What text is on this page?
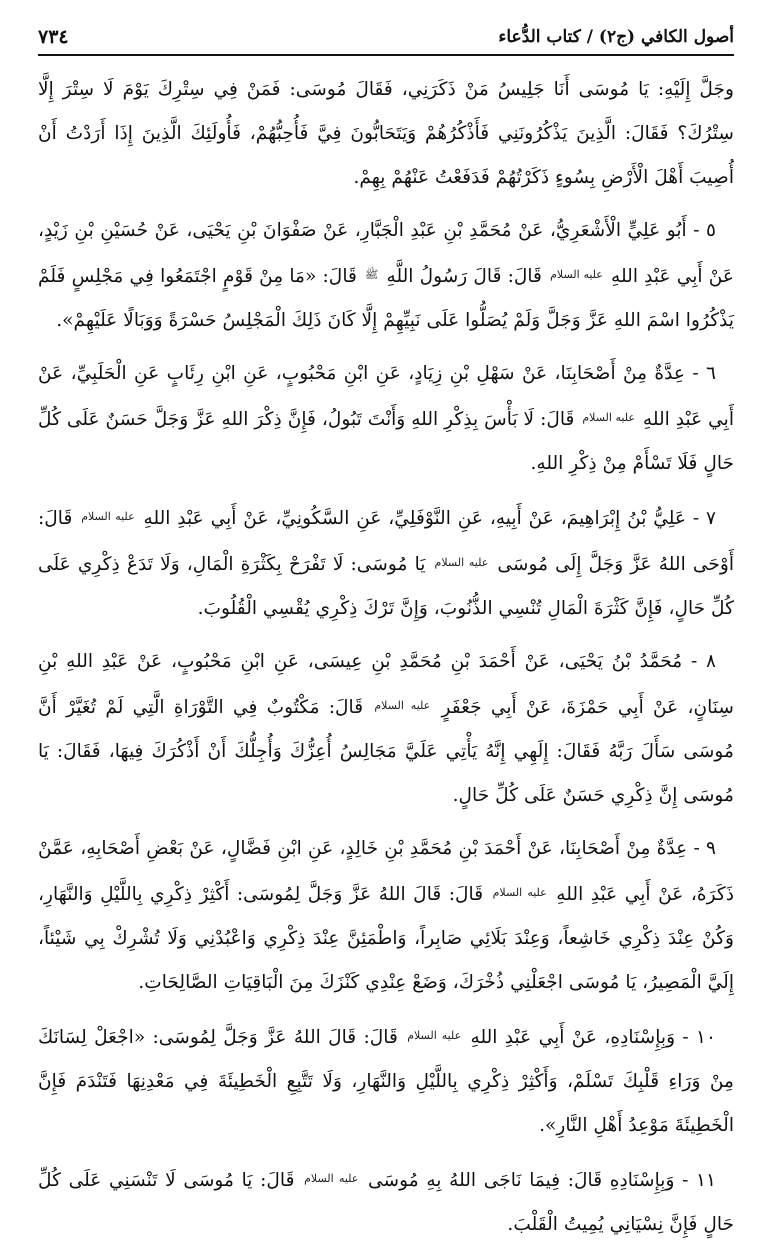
أصول الكافي (ج٢) / كتاب الدُّعاء
٧٣٤

وجَلَّ إِلَيْهِ: يَا مُوسَى أَنَا جَلِيسُ مَنْ ذَكَرَنِي، فَقَالَ مُوسَى: فَمَنْ فِي سِتْرِكَ يَوْمَ لَا سِتْرَ إِلَّا سِتْرُكَ؟ فَقَالَ: الَّذِينَ يَذْكُرُونَنِي فَأَذْكُرُهُمْ وَيَتَحَابُّونَ فِيَّ فَأُحِبُّهُمْ، فَأُولَئِكَ الَّذِينَ إِذَا أَرَدْتُ أَنْ أُصِيبَ أَهْلَ الْأَرْضِ بِسُوءٍ ذَكَرْتُهُمْ فَدَفَعْتُ عَنْهُمْ بِهِمْ.

٥ - أَبُو عَلِيٍّ الْأَشْعَرِيُّ، عَنْ مُحَمَّدِ بْنِ عَبْدِ الْجَبَّارِ، عَنْ صَفْوَانَ بْنِ يَحْيَى، عَنْ حُسَيْنِ بْنِ زَيْدٍ، عَنْ أَبِي عَبْدِ اللهِ $^{عليه السلام}$ قَالَ: قَالَ رَسُولُ اللَّهِ $^ﷺ$ قَالَ: «مَا مِنْ قَوْمٍ اجْتَمَعُوا فِي مَجْلِسٍ فَلَمْ يَذْكُرُوا اسْمَ اللهِ عَزَّ وَجَلَّ وَلَمْ يُصَلُّوا عَلَى نَبِيِّهِمْ إِلَّا كَانَ ذَلِكَ الْمَجْلِسُ حَسْرَةً وَوَبَالًا عَلَيْهِمْ».

٦ - عِدَّةٌ مِنْ أَصْحَابِنَا، عَنْ سَهْلِ بْنِ زِيَادٍ، عَنِ ابْنِ مَحْبُوبٍ، عَنِ ابْنِ رِئَابٍ عَنِ الْحَلَبِيِّ، عَنْ أَبِي عَبْدِ اللهِ $^{عليه السلام}$ قَالَ: لَا بَأْسَ بِذِكْرِ اللهِ وَأَنْتَ تَبُولُ، فَإِنَّ ذِكْرَ اللهِ عَزَّ وَجَلَّ حَسَنٌ عَلَى كُلِّ حَالٍ فَلَا تَسْأَمْ مِنْ ذِكْرِ اللهِ.

٧ - عَلِيُّ بْنُ إِبْرَاهِيمَ، عَنْ أَبِيهِ، عَنِ النَّوْفَلِيِّ، عَنِ السَّكُونِيِّ، عَنْ أَبِي عَبْدِ اللهِ $^{عليه السلام}$ قَالَ: أَوْحَى اللهُ عَزَّ وَجَلَّ إِلَى مُوسَى $^{عليه السلام}$ يَا مُوسَى: لَا تَفْرَحْ بِكَثْرَةِ الْمَالِ، وَلَا تَدَعْ ذِكْرِي عَلَى كُلِّ حَالٍ، فَإِنَّ كَثْرَةَ الْمَالِ تُنْسِي الذُّنُوبَ، وَإِنَّ تَرْكَ ذِكْرِي يُقْسِي الْقُلُوبَ.

٨ - مُحَمَّدُ بْنُ يَحْيَى، عَنْ أَحْمَدَ بْنِ مُحَمَّدِ بْنِ عِيسَى، عَنِ ابْنِ مَحْبُوبٍ، عَنْ عَبْدِ اللهِ بْنِ سِنَانٍ، عَنْ أَبِي حَمْزَةَ، عَنْ أَبِي جَعْفَرٍ $^{عليه السلام}$ قَالَ: مَكْتُوبٌ فِي التَّوْرَاةِ الَّتِي لَمْ تُغَيَّرْ أَنَّ مُوسَى سَأَلَ رَبَّهُ فَقَالَ: إِلَهِي إِنَّهُ يَأْتِي عَلَيَّ مَجَالِسُ أُعِزُّكَ وَأُجِلُّكَ أَنْ أَذْكُرَكَ فِيهَا، فَقَالَ: يَا مُوسَى إِنَّ ذِكْرِي حَسَنٌ عَلَى كُلِّ حَالٍ.

٩ - عِدَّةٌ مِنْ أَصْحَابِنَا، عَنْ أَحْمَدَ بْنِ مُحَمَّدِ بْنِ خَالِدٍ، عَنِ ابْنِ فَضَّالٍ، عَنْ بَعْضِ أَصْحَابِهِ، عَمَّنْ ذَكَرَهُ، عَنْ أَبِي عَبْدِ اللهِ $^{عليه السلام}$ قَالَ: قَالَ اللهُ عَزَّ وَجَلَّ لِمُوسَى: أَكْثِرْ ذِكْرِي بِاللَّيْلِ وَالنَّهَارِ، وَكُنْ عِنْدَ ذِكْرِي خَاشِعاً، وَعِنْدَ بَلَائِي صَابِراً، وَاطْمَئِنَّ عِنْدَ ذِكْرِي وَاعْبُدْنِي وَلَا تُشْرِكْ بِي شَيْئاً، إِلَيَّ الْمَصِيرُ، يَا مُوسَى اجْعَلْنِي ذُخْرَكَ، وَضَعْ عِنْدِي كَنْزَكَ مِنَ الْبَاقِيَاتِ الصَّالِحَاتِ.

١٠ - وَبِإِسْنَادِهِ، عَنْ أَبِي عَبْدِ اللهِ $^{عليه السلام}$ قَالَ: قَالَ اللهُ عَزَّ وَجَلَّ لِمُوسَى: «اجْعَلْ لِسَانَكَ مِنْ وَرَاءِ قَلْبِكَ تَسْلَمْ، وَأَكْثِرْ ذِكْرِي بِاللَّيْلِ وَالنَّهَارِ، وَلَا تَتَّبِعِ الْخَطِيئَةَ فِي مَعْدِنِهَا فَتَنْدَمَ فَإِنَّ الْخَطِيئَةَ مَوْعِدُ أَهْلِ النَّارِ».

١١ - وَبِإِسْنَادِهِ قَالَ: فِيمَا نَاجَى اللهُ بِهِ مُوسَى $^{عليه السلام}$ قَالَ: يَا مُوسَى لَا تَنْسَنِي عَلَى كُلِّ حَالٍ فَإِنَّ نِسْيَانِي يُمِيتُ الْقَلْبَ.
